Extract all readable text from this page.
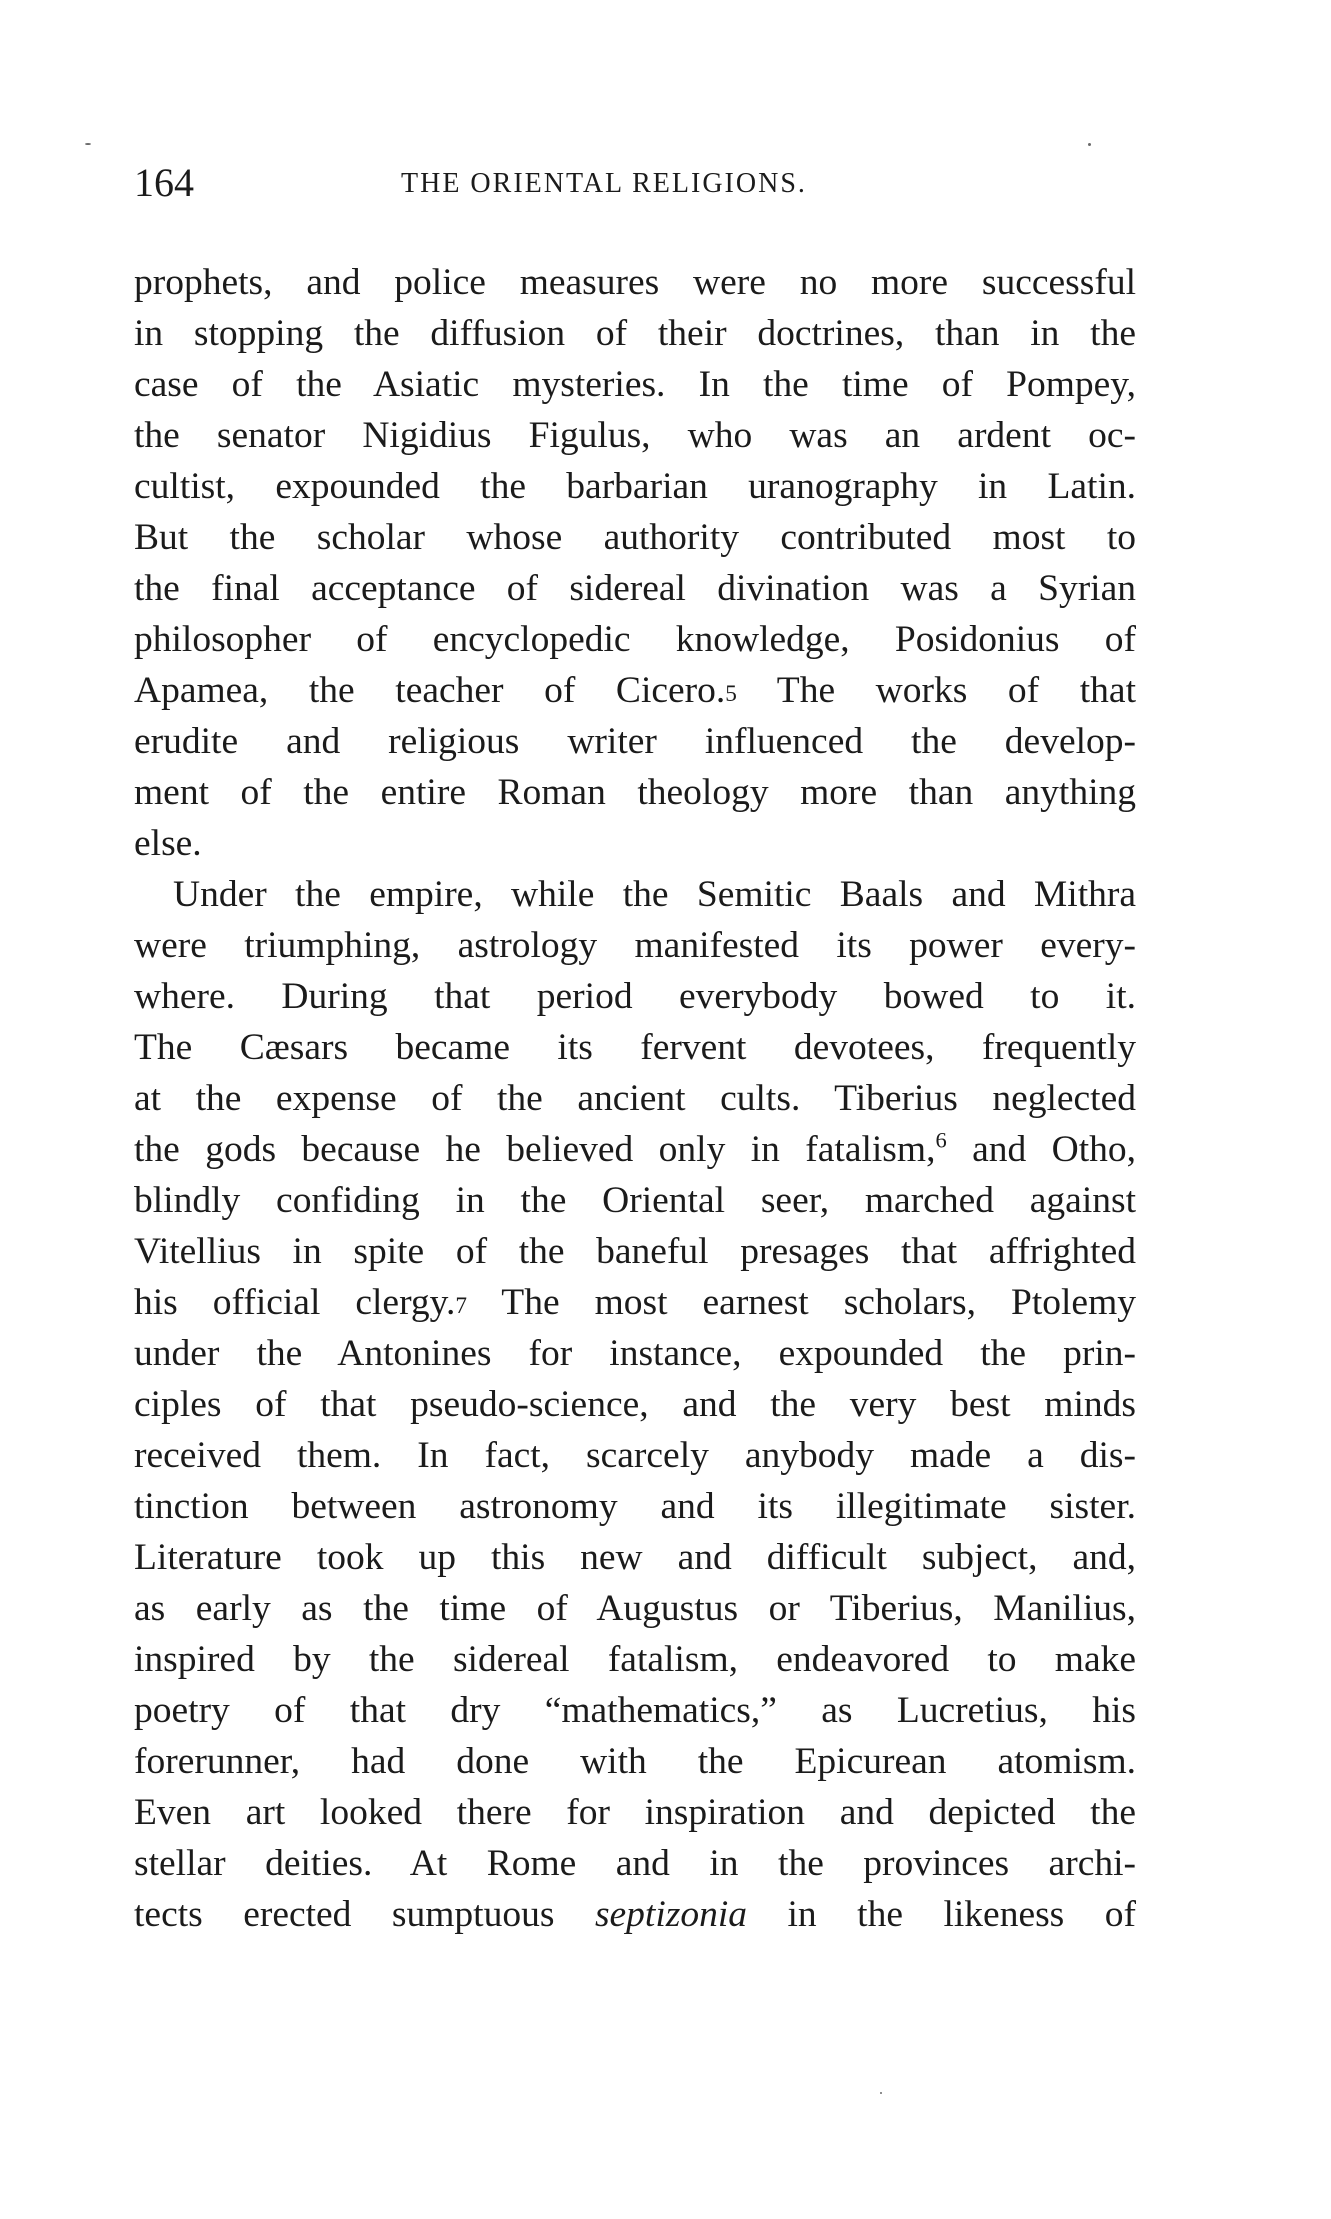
164	THE ORIENTAL RELIGIONS.
prophets, and police measures were no more successful
in stopping the diffusion of their doctrines, than in the
case of the Asiatic mysteries. In the time of Pompey,
the senator Nigidius Figulus, who was an ardent oc-
cultist, expounded the barbarian uranography in Latin.
But the scholar whose authority contributed most to
the final acceptance of sidereal divination was a Syrian
philosopher of encyclopedic knowledge, Posidonius of
Apamea, the teacher of Cicero.5 The works of that
erudite and religious writer influenced the develop-
ment of the entire Roman theology more than anything
else.
Under the empire, while the Semitic Baals and Mithra
were triumphing, astrology manifested its power every-
where. During that period everybody bowed to it.
The Cæsars became its fervent devotees, frequently
at the expense of the ancient cults. Tiberius neglected
the gods because he believed only in fatalism,$^6$ and Otho,
blindly confiding in the Oriental seer, marched against
Vitellius in spite of the baneful presages that affrighted
his official clergy.7 The most earnest scholars, Ptolemy
under the Antonines for instance, expounded the prin-
ciples of that pseudo-science, and the very best minds
received them. In fact, scarcely anybody made a dis-
tinction between astronomy and its illegitimate sister.
Literature took up this new and difficult subject, and,
as early as the time of Augustus or Tiberius, Manilius,
inspired by the sidereal fatalism, endeavored to make
poetry of that dry “mathematics,” as Lucretius, his
forerunner, had done with the Epicurean atomism.
Even art looked there for inspiration and depicted the
stellar deities. At Rome and in the provinces archi-
tects erected sumptuous septizonia in the likeness of
